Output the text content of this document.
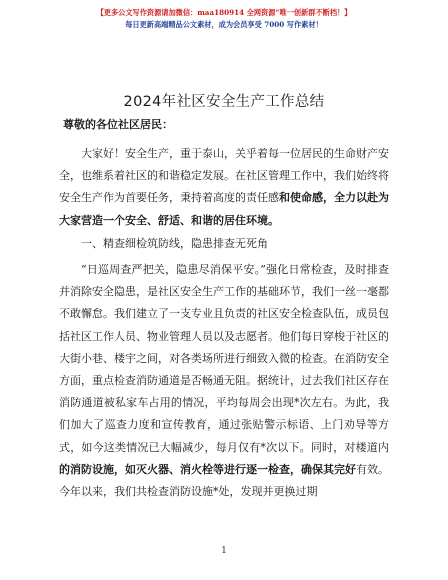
【更多公文写作资源请加微信：maa180914 全网资源“唯一创新群不断档！】
每日更新高端精品公文素材，成为会员享受 7000 写作素材！
2024年社区安全生产工作总结
尊敬的各位社区居民：

大家好！安全生产，重于泰山，关乎着每一位居民的生命财产安全，也维系着社区的和谐稳定发展。在社区管理工作中，我们始终将安全生产作为首要任务，秉持着高度的责任感和使命感，全力以赴为大家营造一个安全、舒适、和谐的居住环境。

一、精查细检筑防线，隐患排查无死角

“日巡周查严把关，隐患尽消保平安。”强化日常检查，及时排查并消除安全隐患，是社区安全生产工作的基础环节，我们一丝一毫都不敢懈怠。我们建立了一支专业且负责的社区安全检查队伍，成员包括社区工作人员、物业管理人员以及志愿者。他们每日穿梭于社区的大街小巷、楼宇之间，对各类场所进行细致入微的检查。在消防安全方面，重点检查消防通道是否畅通无阻。据统计，过去我们社区存在消防通道被私家车占用的情况，平均每周会出现*次左右。为此，我们加大了巡查力度和宣传教育，通过张贴警示标语、上门劝导等方式，如今这类情况已大幅减少，每月仅有*次以下。同时，对楼道内的消防设施，如灭火器、消火栓等进行逐一检查，确保其完好有效。今年以来，我们共检查消防设施*处，发现并更换过期

1
